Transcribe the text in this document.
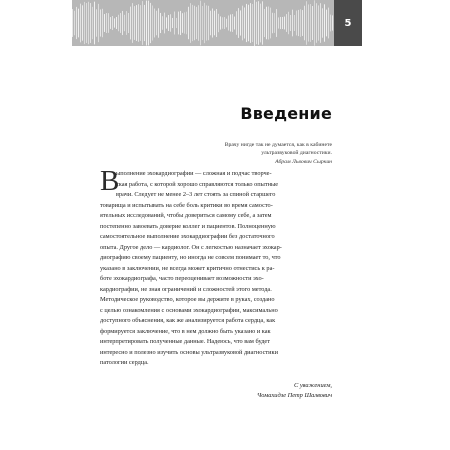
5
Введение
Врачу нигде так не думается, как в кабинете
ультразвуковой диагностики.
Абрам Львович Сыркин
В
ыполнение эхокардиографии — сложная и подчас творче-
ская работа, с которой хорошо справляются только опытные
врачи. Следует не менее 2–3 лет стоять за спиной старшего
товарища и испытывать на себе боль критики во время самосто-
ятельных исследований, чтобы довериться самому себе, а затем
постепенно завоевать доверие коллег и пациентов. Полноценную
самостоятельное выполнение эхокардиографии без достаточного
опыта. Другое дело — кардиолог. Он с легкостью назначает эхокар-
диографию своему пациенту, но иногда не совсем понимает то, что
указано в заключении, не всегда может критично отнестись к ра-
боте эхокардиографа, часто переоценивает возможности эхо-
кардиографии, не зная ограничений и сложностей этого метода.
Методическое руководство, которое вы держите в руках, создано
с целью ознакомления с основами эхокардиографии, максимально
доступного объяснения, как же анализируется работа сердца, как
формируется заключение, что в нем должно быть указано и как
интерпретировать полученные данные. Надеюсь, что вам будет
интересно и полезно изучить основы ультразвуковой диагностики
патологии сердца.
С уважением,
Чомахидзе Петр Шалвович
